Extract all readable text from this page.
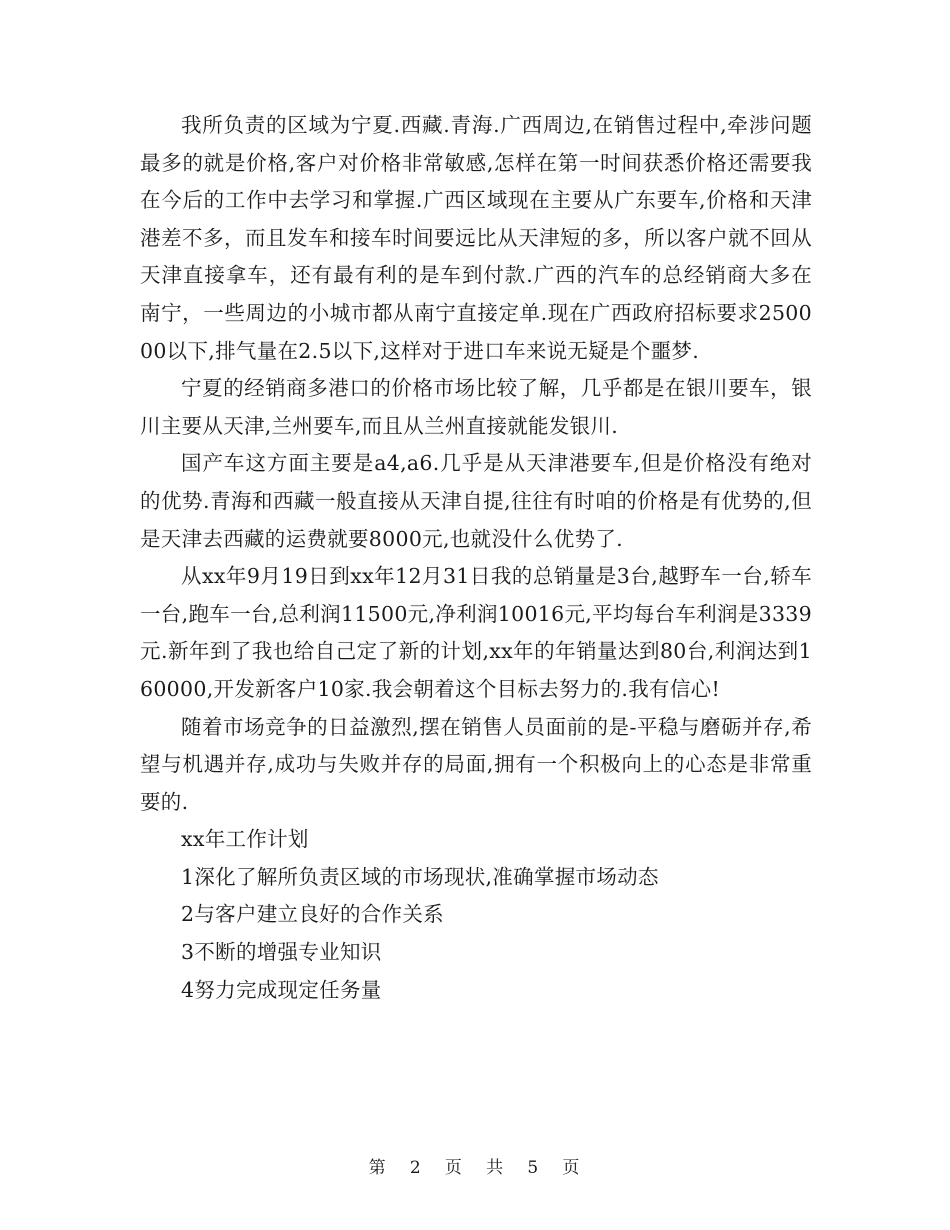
我所负责的区域为宁夏.西藏.青海.广西周边,在销售过程中,牵涉问题最多的就是价格,客户对价格非常敏感,怎样在第一时间获悉价格还需要我在今后的工作中去学习和掌握.广西区域现在主要从广东要车,价格和天津港差不多，而且发车和接车时间要远比从天津短的多，所以客户就不回从天津直接拿车，还有最有利的是车到付款.广西的汽车的总经销商大多在南宁，一些周边的小城市都从南宁直接定单.现在广西政府招标要求250000以下,排气量在2.5以下,这样对于进口车来说无疑是个噩梦.

宁夏的经销商多港口的价格市场比较了解，几乎都是在银川要车，银川主要从天津,兰州要车,而且从兰州直接就能发银川.

国产车这方面主要是a4,a6.几乎是从天津港要车,但是价格没有绝对的优势.青海和西藏一般直接从天津自提,往往有时咱的价格是有优势的,但是天津去西藏的运费就要8000元,也就没什么优势了.

从xx年9月19日到xx年12月31日我的总销量是3台,越野车一台,轿车一台,跑车一台,总利润11500元,净利润10016元,平均每台车利润是3339元.新年到了我也给自己定了新的计划,xx年的年销量达到80台,利润达到160000,开发新客户10家.我会朝着这个目标去努力的.我有信心!

随着市场竞争的日益激烈,摆在销售人员面前的是-平稳与磨砺并存,希望与机遇并存,成功与失败并存的局面,拥有一个积极向上的心态是非常重要的.

xx年工作计划

1深化了解所负责区域的市场现状,准确掌握市场动态

2与客户建立良好的合作关系

3不断的增强专业知识

4努力完成现定任务量

第 2 页 共 5 页
